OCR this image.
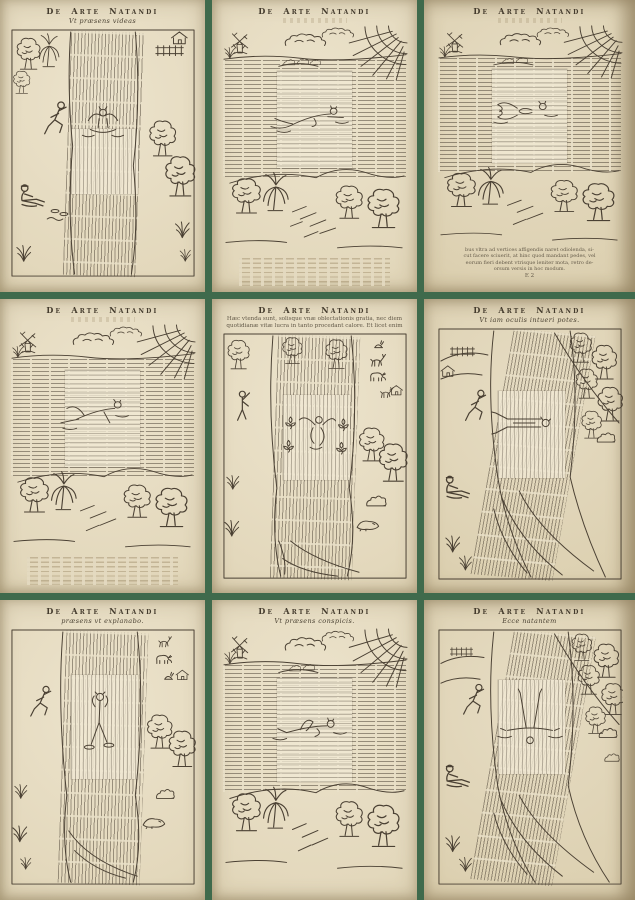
De Arte Natandi
Vt præsens videas
De Arte Natandi	De Arte Natandi
bus vltra ad vertices affigendis naret odiolenda, si-
cut facere sciuerit, at hinc quod mandant pedes, vel
eorum fieri debent vtrisque leniter mota, retro de-
orsum versis in hoc modum.
E 2
De Arte Natandi	De Arte Natandi
Hæc vtenda sunt, solisque vnæ oblectationis gratia, nec diem
quotidianæ vitæ lucra in tanto procedant calore. Et licet enim
De Arte Natandi
Vt iam oculis intueri potes.
De Arte Natandi
præsens vt explanabo.
De Arte Natandi
Vt præsens conspicis.
De Arte Natandi
Ecce natantem
